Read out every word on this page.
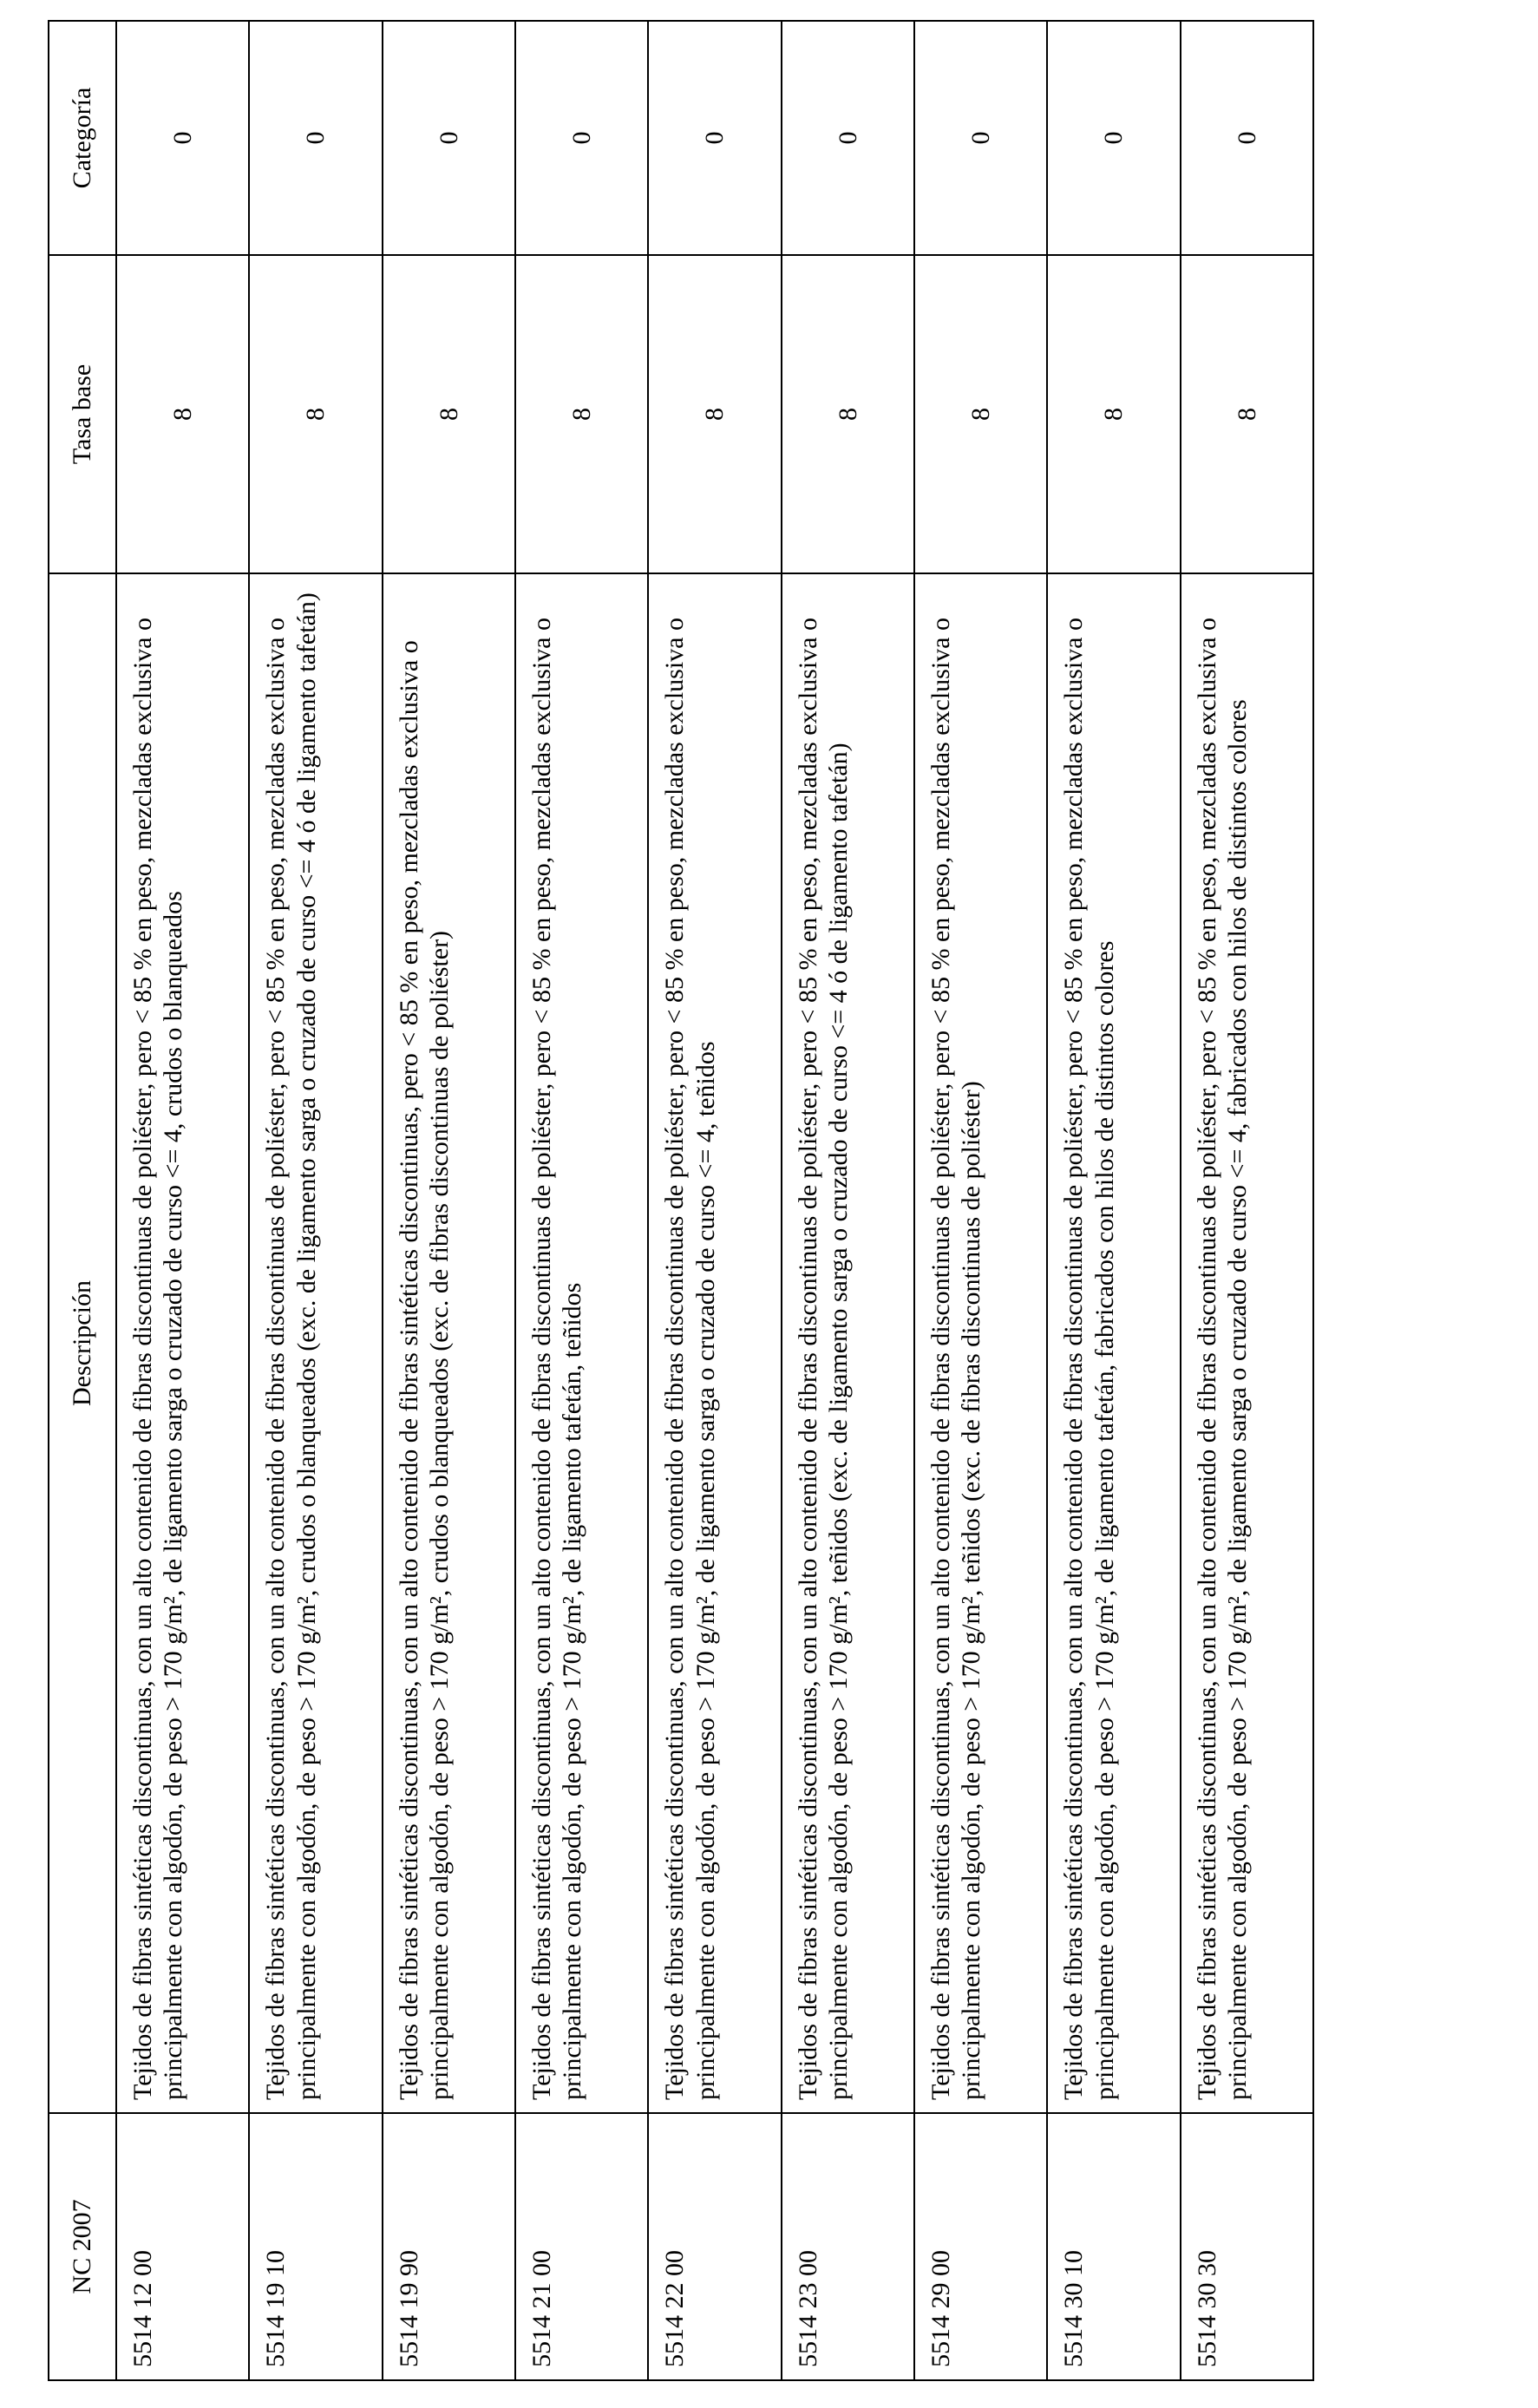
NC 2007	Descripción	Tasa base	Categoría
5514 12 00	Tejidos de fibras sintéticas discontinuas, con un alto contenido de fibras discontinuas de poliéster, pero < 85 % en peso, mezcladas exclusiva o principalmente con algodón, de peso > 170 g/m², de ligamento sarga o cruzado de curso <= 4, crudos o blanqueados	8	0
5514 19 10	Tejidos de fibras sintéticas discontinuas, con un alto contenido de fibras discontinuas de poliéster, pero < 85 % en peso, mezcladas exclusiva o principalmente con algodón, de peso > 170 g/m², crudos o blanqueados (exc. de ligamento sarga o cruzado de curso <= 4 ó de ligamento tafetán)	8	0
5514 19 90	Tejidos de fibras sintéticas discontinuas, con un alto contenido de fibras sintéticas discontinuas, pero < 85 % en peso, mezcladas exclusiva o principalmente con algodón, de peso > 170 g/m², crudos o blanqueados (exc. de fibras discontinuas de poliéster)	8	0
5514 21 00	Tejidos de fibras sintéticas discontinuas, con un alto contenido de fibras discontinuas de poliéster, pero < 85 % en peso, mezcladas exclusiva o principalmente con algodón, de peso > 170 g/m², de ligamento tafetán, teñidos	8	0
5514 22 00	Tejidos de fibras sintéticas discontinuas, con un alto contenido de fibras discontinuas de poliéster, pero < 85 % en peso, mezcladas exclusiva o principalmente con algodón, de peso > 170 g/m², de ligamento sarga o cruzado de curso <= 4, teñidos	8	0
5514 23 00	Tejidos de fibras sintéticas discontinuas, con un alto contenido de fibras discontinuas de poliéster, pero < 85 % en peso, mezcladas exclusiva o principalmente con algodón, de peso > 170 g/m², teñidos (exc. de ligamento sarga o cruzado de curso <= 4 ó de ligamento tafetán)	8	0
5514 29 00	Tejidos de fibras sintéticas discontinuas, con un alto contenido de fibras discontinuas de poliéster, pero < 85 % en peso, mezcladas exclusiva o principalmente con algodón, de peso > 170 g/m², teñidos (exc. de fibras discontinuas de poliéster)	8	0
5514 30 10	Tejidos de fibras sintéticas discontinuas, con un alto contenido de fibras discontinuas de poliéster, pero < 85 % en peso, mezcladas exclusiva o principalmente con algodón, de peso > 170 g/m², de ligamento tafetán, fabricados con hilos de distintos colores	8	0
5514 30 30	Tejidos de fibras sintéticas discontinuas, con un alto contenido de fibras discontinuas de poliéster, pero < 85 % en peso, mezcladas exclusiva o principalmente con algodón, de peso > 170 g/m², de ligamento sarga o cruzado de curso <= 4, fabricados con hilos de distintos colores	8	0
